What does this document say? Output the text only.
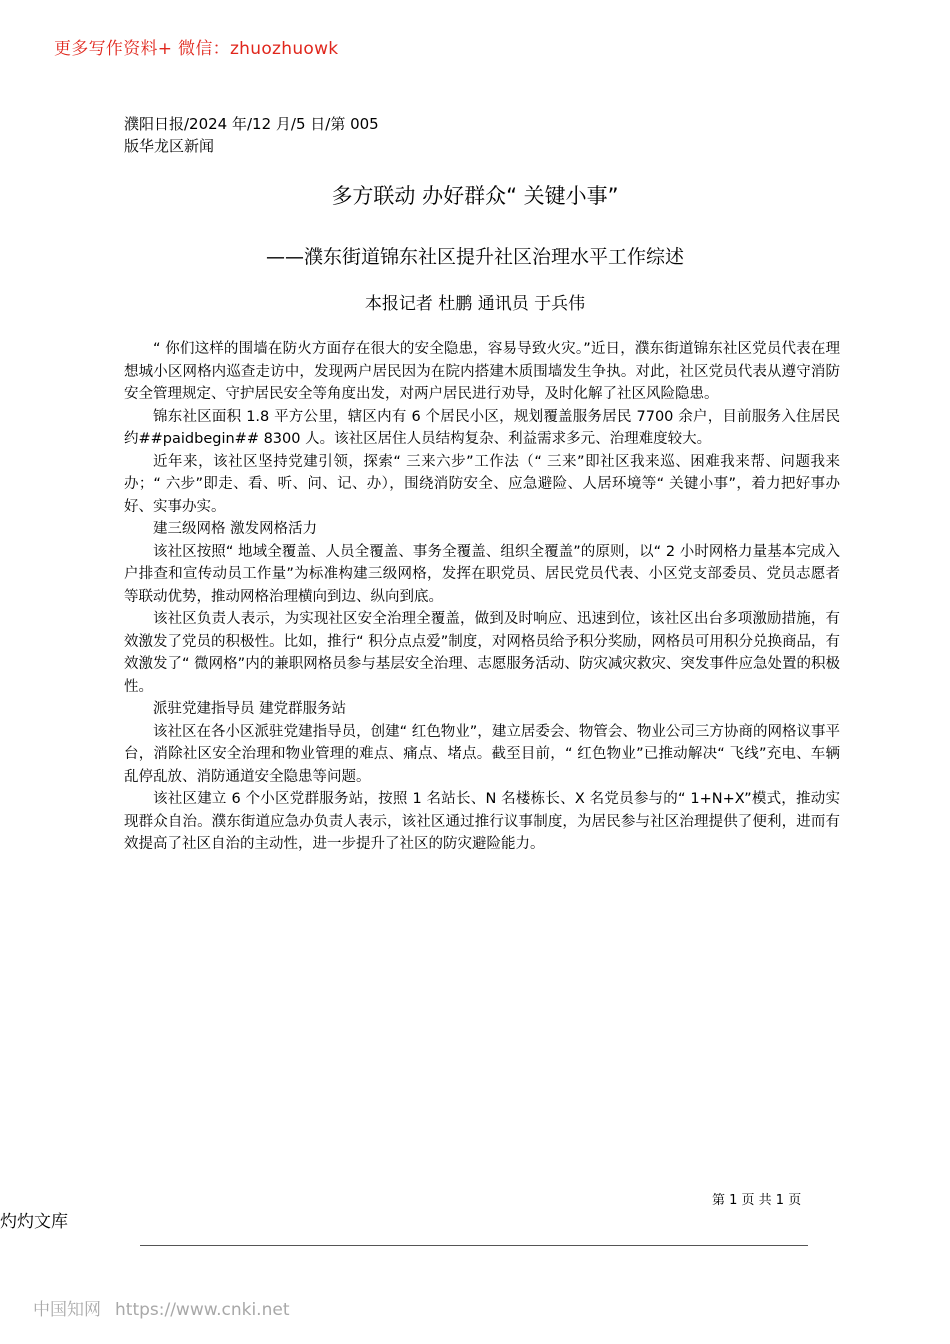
更多写作资料+ 微信：zhuozhuowk
濮阳日报/2024 年/12 月/5 日/第 005
版华龙区新闻
多方联动 办好群众“ 关键小事”
——濮东街道锦东社区提升社区治理水平工作综述
本报记者 杜鹏 通讯员 于兵伟

“ 你们这样的围墙在防火方面存在很大的安全隐患，容易导致火灾。”近日，濮东街道锦东社区党员代表在理想城小区网格内巡查走访中，发现两户居民因为在院内搭建木质围墙发生争执。对此，社区党员代表从遵守消防安全管理规定、守护居民安全等角度出发，对两户居民进行劝导，及时化解了社区风险隐患。

锦东社区面积 1.8 平方公里，辖区内有 6 个居民小区，规划覆盖服务居民 7700 余户，目前服务入住居民约##paidbegin## 8300 人。该社区居住人员结构复杂、利益需求多元、治理难度较大。

近年来，该社区坚持党建引领，探索“ 三来六步”工作法（“ 三来”即社区我来巡、困难我来帮、问题我来办；“ 六步”即走、看、听、问、记、办），围绕消防安全、应急避险、人居环境等“ 关键小事”，着力把好事办好、实事办实。

建三级网格 激发网格活力

该社区按照“ 地域全覆盖、人员全覆盖、事务全覆盖、组织全覆盖”的原则，以“ 2 小时网格力量基本完成入户排查和宣传动员工作量”为标准构建三级网格，发挥在职党员、居民党员代表、小区党支部委员、党员志愿者等联动优势，推动网格治理横向到边、纵向到底。

该社区负责人表示，为实现社区安全治理全覆盖，做到及时响应、迅速到位，该社区出台多项激励措施，有效激发了党员的积极性。比如，推行“ 积分点点爱”制度，对网格员给予积分奖励，网格员可用积分兑换商品，有效激发了“ 微网格”内的兼职网格员参与基层安全治理、志愿服务活动、防灾减灾救灾、突发事件应急处置的积极性。

派驻党建指导员 建党群服务站

该社区在各小区派驻党建指导员，创建“ 红色物业”，建立居委会、物管会、物业公司三方协商的网格议事平台，消除社区安全治理和物业管理的难点、痛点、堵点。截至目前，“ 红色物业”已推动解决“ 飞线”充电、车辆乱停乱放、消防通道安全隐患等问题。

该社区建立 6 个小区党群服务站，按照 1 名站长、N 名楼栋长、X 名党员参与的“ 1+N+X”模式，推动实现群众自治。濮东街道应急办负责人表示，该社区通过推行议事制度，为居民参与社区治理提供了便利，进而有效提高了社区自治的主动性，进一步提升了社区的防灾避险能力。

第 1 页 共 1 页
灼灼文库
中国知网 https://www.cnki.net
